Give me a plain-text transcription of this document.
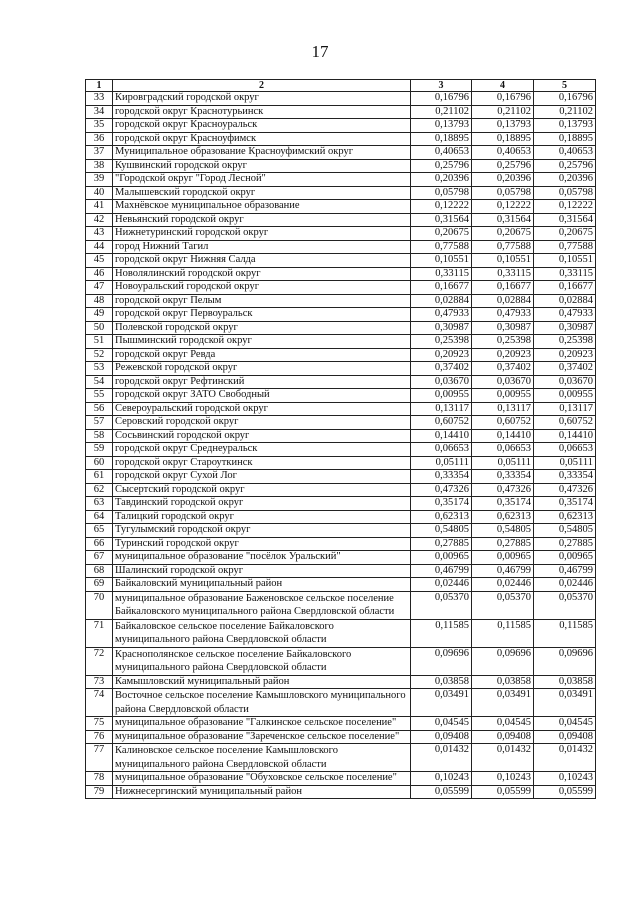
17
1	2	3	4	5
33	Кировградский городской округ	0,16796	0,16796	0,16796
34	городской округ Краснотурьинск	0,21102	0,21102	0,21102
35	городской округ Красноуральск	0,13793	0,13793	0,13793
36	городской округ Красноуфимск	0,18895	0,18895	0,18895
37	Муниципальное образование Красноуфимский округ	0,40653	0,40653	0,40653
38	Кушвинский городской округ	0,25796	0,25796	0,25796
39	"Городской округ "Город Лесной"	0,20396	0,20396	0,20396
40	Малышевский городской округ	0,05798	0,05798	0,05798
41	Махнёвское муниципальное образование	0,12222	0,12222	0,12222
42	Невьянский городской округ	0,31564	0,31564	0,31564
43	Нижнетуринский городской округ	0,20675	0,20675	0,20675
44	город Нижний Тагил	0,77588	0,77588	0,77588
45	городской округ Нижняя Салда	0,10551	0,10551	0,10551
46	Новолялинский городской округ	0,33115	0,33115	0,33115
47	Новоуральский городской округ	0,16677	0,16677	0,16677
48	городской округ Пелым	0,02884	0,02884	0,02884
49	городской округ Первоуральск	0,47933	0,47933	0,47933
50	Полевской городской округ	0,30987	0,30987	0,30987
51	Пышминский городской округ	0,25398	0,25398	0,25398
52	городской округ Ревда	0,20923	0,20923	0,20923
53	Режевской городской округ	0,37402	0,37402	0,37402
54	городской округ Рефтинский	0,03670	0,03670	0,03670
55	городской округ ЗАТО Свободный	0,00955	0,00955	0,00955
56	Североуральский городской округ	0,13117	0,13117	0,13117
57	Серовский городской округ	0,60752	0,60752	0,60752
58	Сосьвинский городской округ	0,14410	0,14410	0,14410
59	городской округ Среднеуральск	0,06653	0,06653	0,06653
60	городской округ Староуткинск	0,05111	0,05111	0,05111
61	городской округ Сухой Лог	0,33354	0,33354	0,33354
62	Сысертский городской округ	0,47326	0,47326	0,47326
63	Тавдинский городской округ	0,35174	0,35174	0,35174
64	Талицкий городской округ	0,62313	0,62313	0,62313
65	Тугулымский городской округ	0,54805	0,54805	0,54805
66	Туринский городской округ	0,27885	0,27885	0,27885
67	муниципальное образование "посёлок Уральский"	0,00965	0,00965	0,00965
68	Шалинский городской округ	0,46799	0,46799	0,46799
69	Байкаловский муниципальный район	0,02446	0,02446	0,02446
70	муниципальное образование Баженовское сельское поселение Байкаловского муниципального района Свердловской области	0,05370	0,05370	0,05370
71	Байкаловское сельское поселение Байкаловского муниципального района Свердловской области	0,11585	0,11585	0,11585
72	Краснополянское сельское поселение Байкаловского муниципального района Свердловской области	0,09696	0,09696	0,09696
73	Камышловский муниципальный район	0,03858	0,03858	0,03858
74	Восточное сельское поселение Камышловского муниципального района Свердловской области	0,03491	0,03491	0,03491
75	муниципальное образование "Галкинское сельское поселение"	0,04545	0,04545	0,04545
76	муниципальное образование "Зареченское сельское поселение"	0,09408	0,09408	0,09408
77	Калиновское сельское поселение Камышловского муниципального района Свердловской области	0,01432	0,01432	0,01432
78	муниципальное образование "Обуховское сельское поселение"	0,10243	0,10243	0,10243
79	Нижнесергинский муниципальный район	0,05599	0,05599	0,05599
